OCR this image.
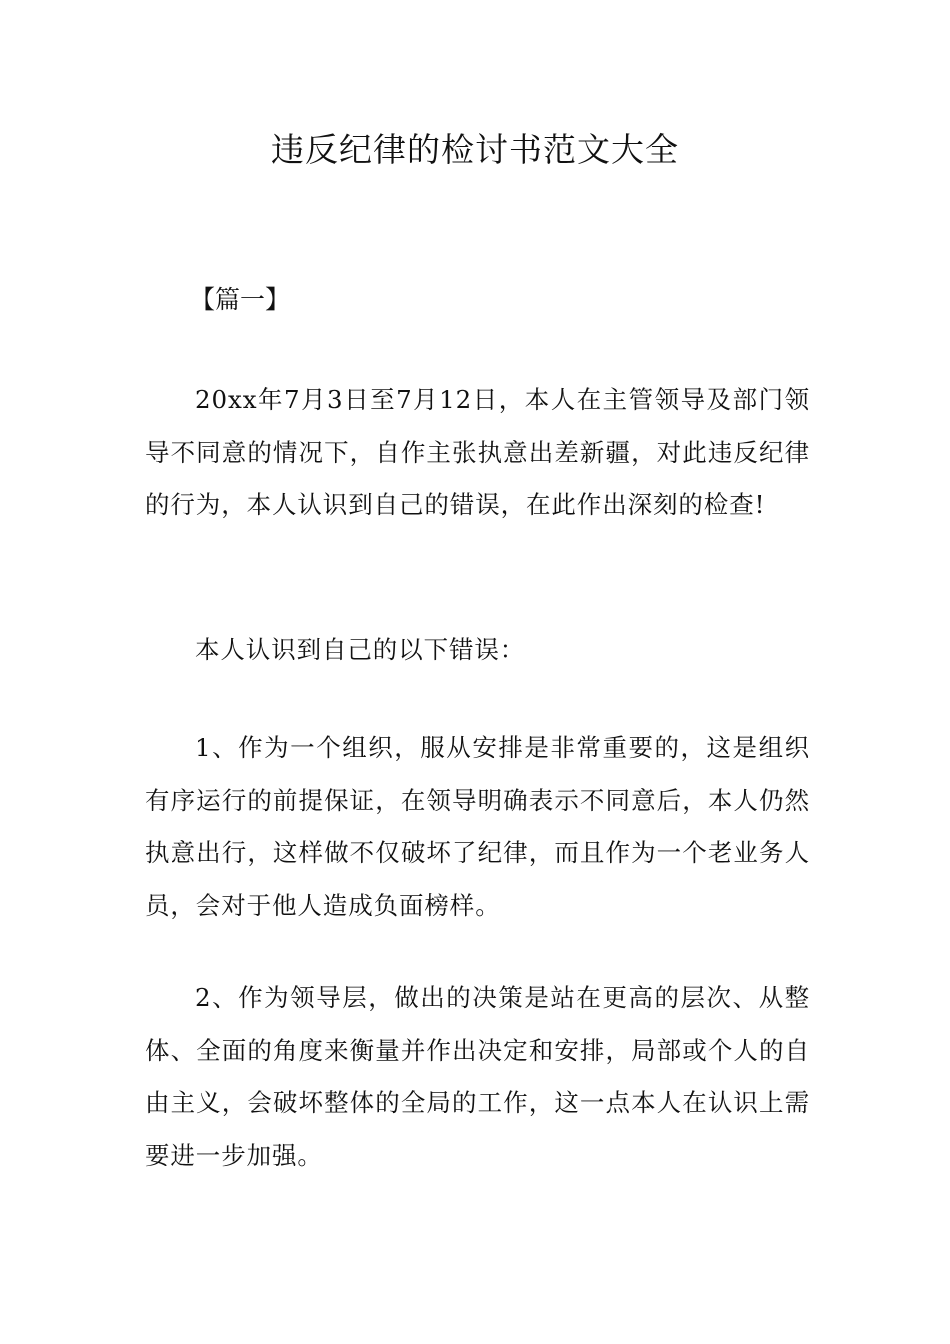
违反纪律的检讨书范文大全
【篇一】

20xx年7月3日至7月12日，本人在主管领导及部门领导不同意的情况下，自作主张执意出差新疆，对此违反纪律的行为，本人认识到自己的错误，在此作出深刻的检查!

本人认识到自己的以下错误：

1、作为一个组织，服从安排是非常重要的，这是组织有序运行的前提保证，在领导明确表示不同意后，本人仍然执意出行，这样做不仅破坏了纪律，而且作为一个老业务人员，会对于他人造成负面榜样。

2、作为领导层，做出的决策是站在更高的层次、从整体、全面的角度来衡量并作出决定和安排，局部或个人的自由主义，会破坏整体的全局的工作，这一点本人在认识上需要进一步加强。
